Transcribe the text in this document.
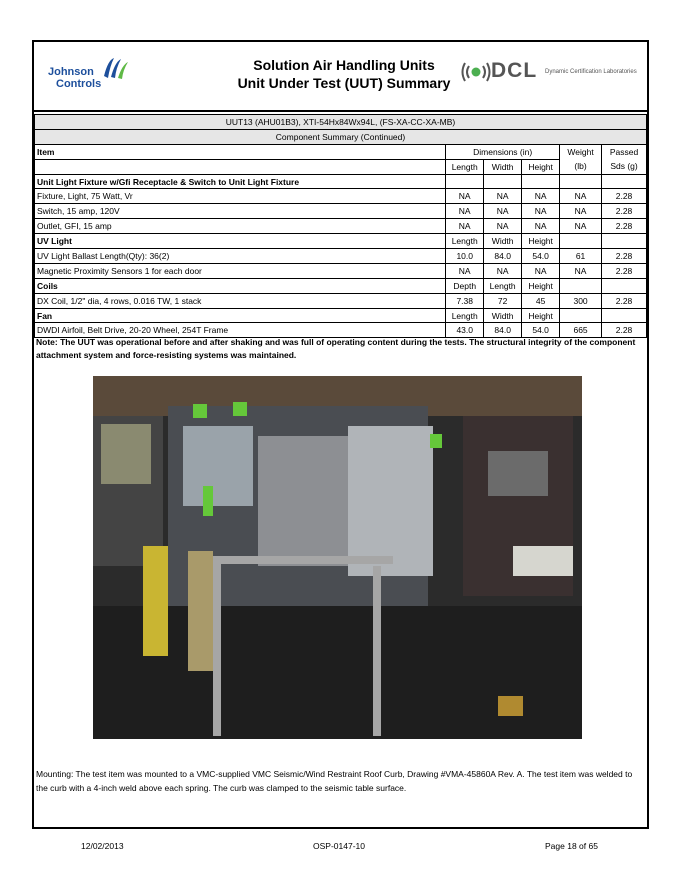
Johnson
Controls
Solution Air Handling Units
Unit Under Test (UUT) Summary
DCL Dynamic Certification Laboratories
UUT13 (AHU01B3), XTI-54Hx84Wx94L, (FS-XA-CC-XA-MB)					
Component Summary (Continued)					
Item	Dimensions (in)			Weight	Passed
	Length	Width	Height	(lb)	Sds (g)
Unit Light Fixture w/Gfi Receptacle & Switch to Unit Light Fixture					
Fixture, Light, 75 Watt, Vr	NA	NA	NA	NA	2.28
Switch, 15 amp, 120V	NA	NA	NA	NA	2.28
Outlet, GFI, 15 amp	NA	NA	NA	NA	2.28
UV Light	Length	Width	Height		
UV Light Ballast Length(Qty): 36(2)	10.0	84.0	54.0	61	2.28
Magnetic Proximity Sensors 1 for each door	NA	NA	NA	NA	2.28
Coils	Depth	Length	Height		
DX Coil, 1/2" dia, 4 rows, 0.016 TW, 1 stack	7.38	72	45	300	2.28
Fan	Length	Width	Height		
DWDI Airfoil, Belt Drive, 20-20 Wheel, 254T Frame	43.0	84.0	54.0	665	2.28
Note: The UUT was operational before and after shaking and was full of operating content during the tests. The structural integrity of the component attachment system and force-resisting systems was maintained.
Mounting: The test item was mounted to a VMC-supplied VMC Seismic/Wind Restraint Roof Curb, Drawing #VMA-45860A Rev. A. The test item was welded to the curb with a 4-inch weld above each spring. The curb was clamped to the seismic table surface.
12/02/2013	OSP-0147-10	Page 18 of 65
